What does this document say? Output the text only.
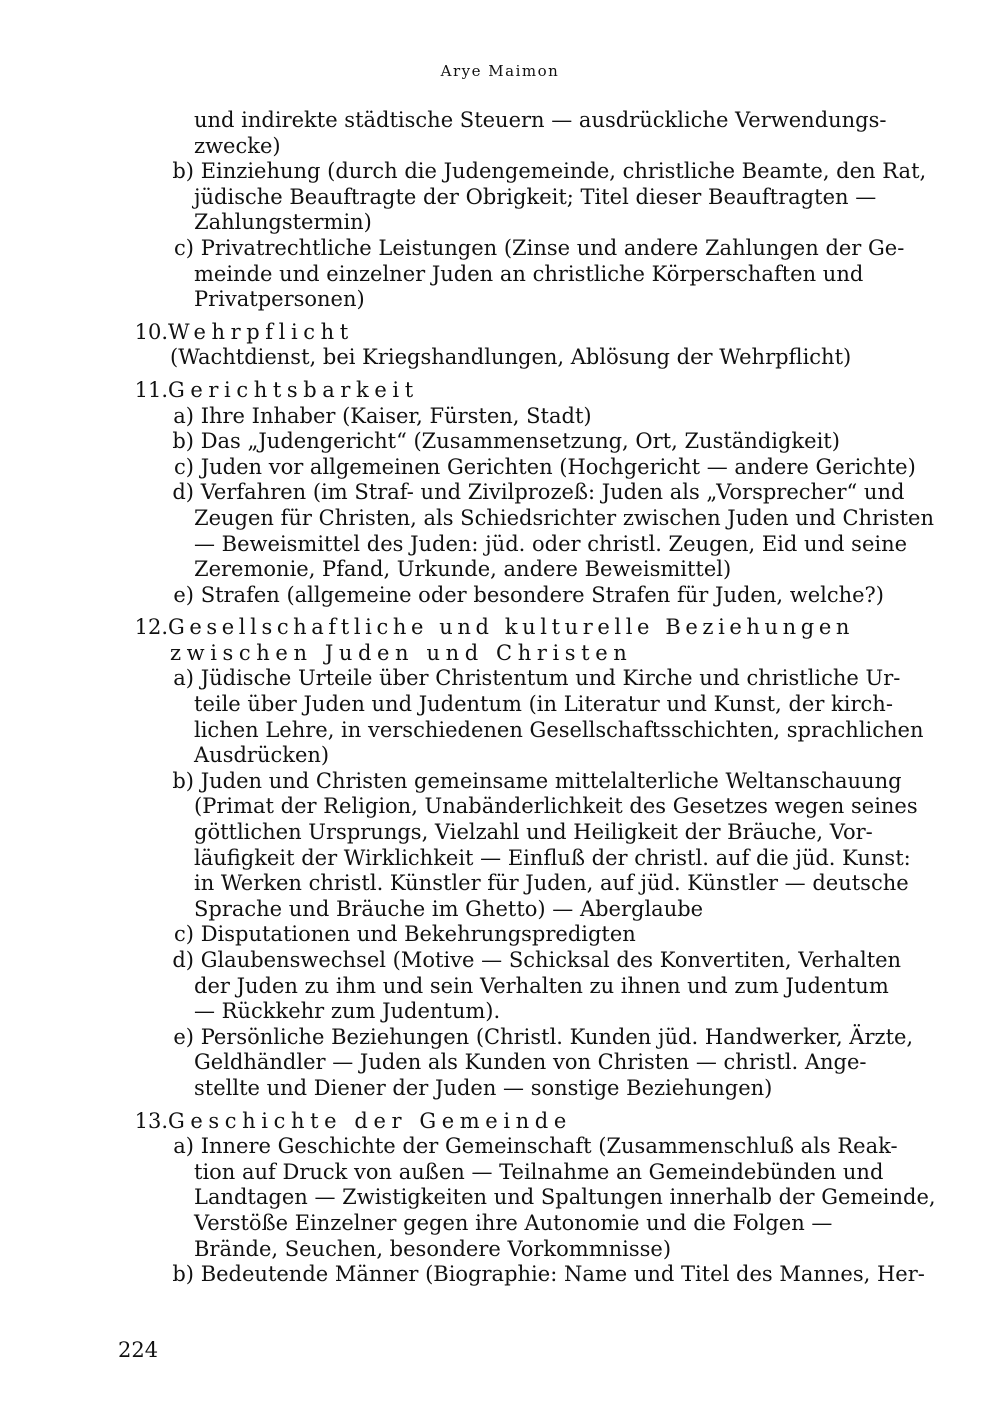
Arye Maimon
und indirekte städtische Steuern — ausdrückliche Verwendungs-
zwecke)
b) Einziehung (durch die Judengemeinde, christliche Beamte, den Rat,
jüdische Beauftragte der Obrigkeit; Titel dieser Beauftragten —
Zahlungstermin)
c) Privatrechtliche Leistungen (Zinse und andere Zahlungen der Ge-
meinde und einzelner Juden an christliche Körperschaften und
Privatpersonen)
10.Wehrpflicht
(Wachtdienst, bei Kriegshandlungen, Ablösung der Wehrpflicht)
11.Gerichtsbarkeit
a) Ihre Inhaber (Kaiser, Fürsten, Stadt)
b) Das „Judengericht“ (Zusammensetzung, Ort, Zuständigkeit)
c) Juden vor allgemeinen Gerichten (Hochgericht — andere Gerichte)
d) Verfahren (im Straf- und Zivilprozeß: Juden als „Vorsprecher“ und
Zeugen für Christen, als Schiedsrichter zwischen Juden und Christen
— Beweismittel des Juden: jüd. oder christl. Zeugen, Eid und seine
Zeremonie, Pfand, Urkunde, andere Beweismittel)
e) Strafen (allgemeine oder besondere Strafen für Juden, welche?)
12.Gesellschaftliche und kulturelle Beziehungen
zwischen Juden und Christen
a) Jüdische Urteile über Christentum und Kirche und christliche Ur-
teile über Juden und Judentum (in Literatur und Kunst, der kirch-
lichen Lehre, in verschiedenen Gesellschaftsschichten, sprachlichen
Ausdrücken)
b) Juden und Christen gemeinsame mittelalterliche Weltanschauung
(Primat der Religion, Unabänderlichkeit des Gesetzes wegen seines
göttlichen Ursprungs, Vielzahl und Heiligkeit der Bräuche, Vor-
läufigkeit der Wirklichkeit — Einfluß der christl. auf die jüd. Kunst:
in Werken christl. Künstler für Juden, auf jüd. Künstler — deutsche
Sprache und Bräuche im Ghetto) — Aberglaube
c) Disputationen und Bekehrungspredigten
d) Glaubenswechsel (Motive — Schicksal des Konvertiten, Verhalten
der Juden zu ihm und sein Verhalten zu ihnen und zum Judentum
— Rückkehr zum Judentum).
e) Persönliche Beziehungen (Christl. Kunden jüd. Handwerker, Ärzte,
Geldhändler — Juden als Kunden von Christen — christl. Ange-
stellte und Diener der Juden — sonstige Beziehungen)
13.Geschichte der Gemeinde
a) Innere Geschichte der Gemeinschaft (Zusammenschluß als Reak-
tion auf Druck von außen — Teilnahme an Gemeindebünden und
Landtagen — Zwistigkeiten und Spaltungen innerhalb der Gemeinde,
Verstöße Einzelner gegen ihre Autonomie und die Folgen —
Brände, Seuchen, besondere Vorkommnisse)
b) Bedeutende Männer (Biographie: Name und Titel des Mannes, Her-
224
